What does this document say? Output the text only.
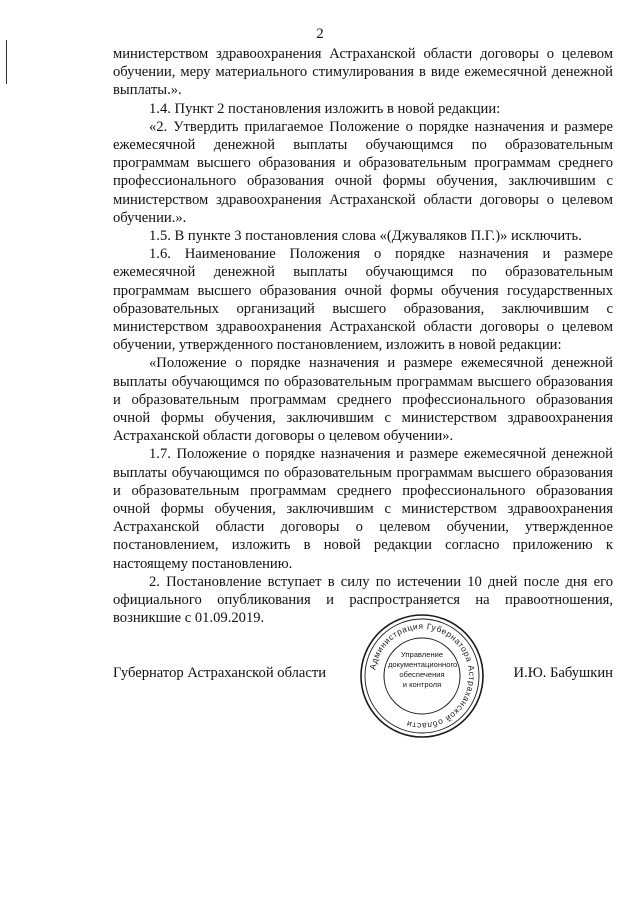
2

министерством здравоохранения Астраханской области договоры о целевом обучении, меру материального стимулирования в виде ежемесячной денежной выплаты.».

1.4. Пункт 2 постановления изложить в новой редакции:

«2. Утвердить прилагаемое Положение о порядке назначения и размере ежемесячной денежной выплаты обучающимся по образовательным программам высшего образования и образовательным программам среднего профессионального образования очной формы обучения, заключившим с министерством здравоохранения Астраханской области договоры о целевом обучении.».

1.5. В пункте 3 постановления слова «(Джуваляков П.Г.)» исключить.

1.6. Наименование Положения о порядке назначения и размере ежемесячной денежной выплаты обучающимся по образовательным программам высшего образования очной формы обучения государственных образовательных организаций высшего образования, заключившим с министерством здравоохранения Астраханской области договоры о целевом обучении, утвержденного постановлением, изложить в новой редакции:

«Положение о порядке назначения и размере ежемесячной денежной выплаты обучающимся по образовательным программам высшего образования и образовательным программам среднего профессионального образования очной формы обучения, заключившим с министерством здравоохранения Астраханской области договоры о целевом обучении».

1.7. Положение о порядке назначения и размере ежемесячной денежной выплаты обучающимся по образовательным программам высшего образования и образовательным программам среднего профессионального образования очной формы обучения, заключившим с министерством здравоохранения Астраханской области договоры о целевом обучении, утвержденное постановлением, изложить в новой редакции согласно приложению к настоящему постановлению.

2. Постановление вступает в силу по истечении 10 дней после дня его официального опубликования и распространяется на правоотношения, возникшие с 01.09.2019.

Губернатор Астраханской области	И.Ю. Бабушкин
Администрация Губернатора Астраханской области
Управление
документационного
обеспечения
и контроля
